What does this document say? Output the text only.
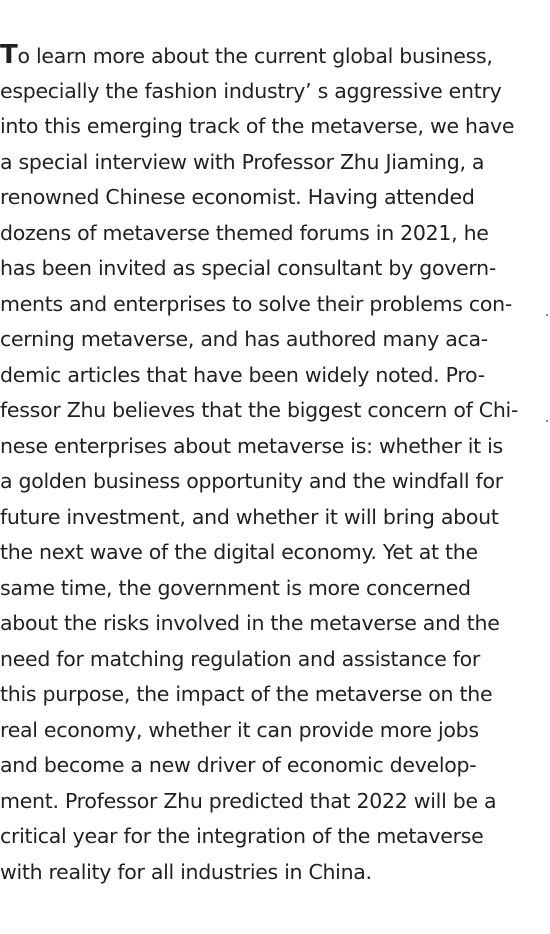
To learn more about the current global business,
especially the fashion industry’ s aggressive entry
into this emerging track of the metaverse, we have
a special interview with Professor Zhu Jiaming, a
renowned Chinese economist. Having attended
dozens of metaverse themed forums in 2021, he
has been invited as special consultant by govern-
ments and enterprises to solve their problems con-
cerning metaverse, and has authored many aca-
demic articles that have been widely noted. Pro-
fessor Zhu believes that the biggest concern of Chi-
nese enterprises about metaverse is: whether it is
a golden business opportunity and the windfall for
future investment, and whether it will bring about
the next wave of the digital economy. Yet at the
same time, the government is more concerned
about the risks involved in the metaverse and the
need for matching regulation and assistance for
this purpose, the impact of the metaverse on the
real economy, whether it can provide more jobs
and become a new driver of economic develop-
ment. Professor Zhu predicted that 2022 will be a
critical year for the integration of the metaverse
with reality for all industries in China.
